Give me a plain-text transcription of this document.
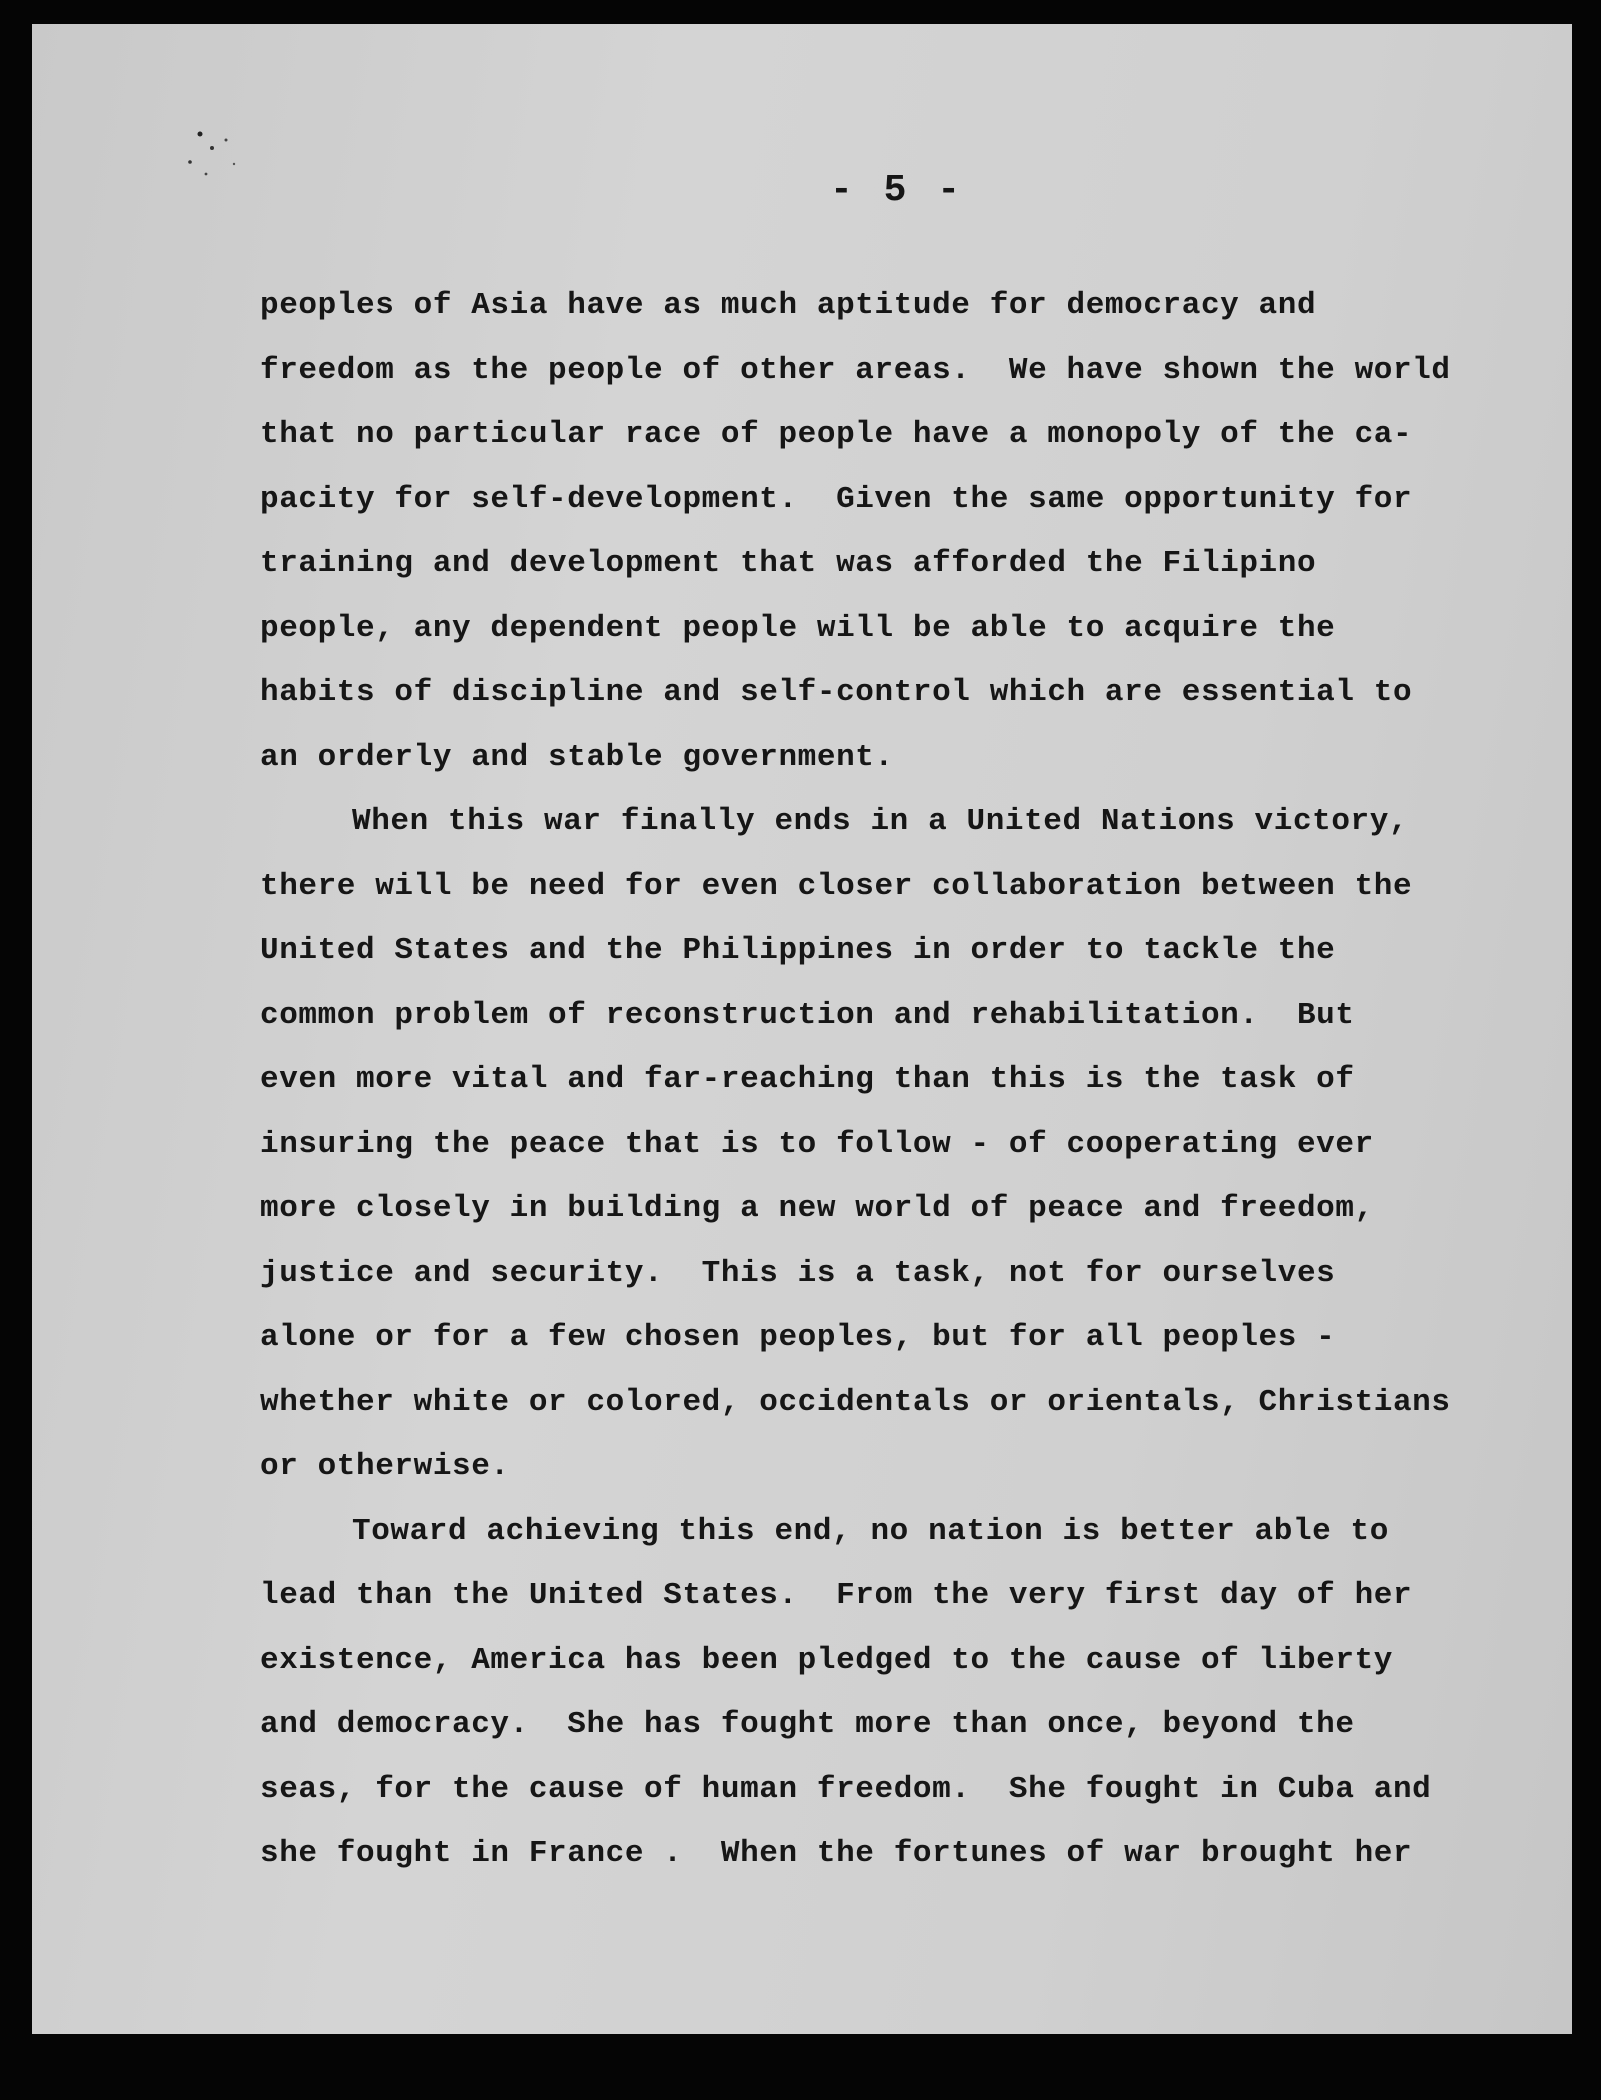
- 5 -
peoples of Asia have as much aptitude for democracy and
freedom as the people of other areas.  We have shown the world
that no particular race of people have a monopoly of the ca-
pacity for self-development.  Given the same opportunity for
training and development that was afforded the Filipino
people, any dependent people will be able to acquire the
habits of discipline and self-control which are essential to
an orderly and stable government.
When this war finally ends in a United Nations victory,
there will be need for even closer collaboration between the
United States and the Philippines in order to tackle the
common problem of reconstruction and rehabilitation.  But
even more vital and far-reaching than this is the task of
insuring the peace that is to follow - of cooperating ever
more closely in building a new world of peace and freedom,
justice and security.  This is a task, not for ourselves
alone or for a few chosen peoples, but for all peoples -
whether white or colored, occidentals or orientals, Christians
or otherwise.
Toward achieving this end, no nation is better able to
lead than the United States.  From the very first day of her
existence, America has been pledged to the cause of liberty
and democracy.  She has fought more than once, beyond the
seas, for the cause of human freedom.  She fought in Cuba and
she fought in France .  When the fortunes of war brought her
